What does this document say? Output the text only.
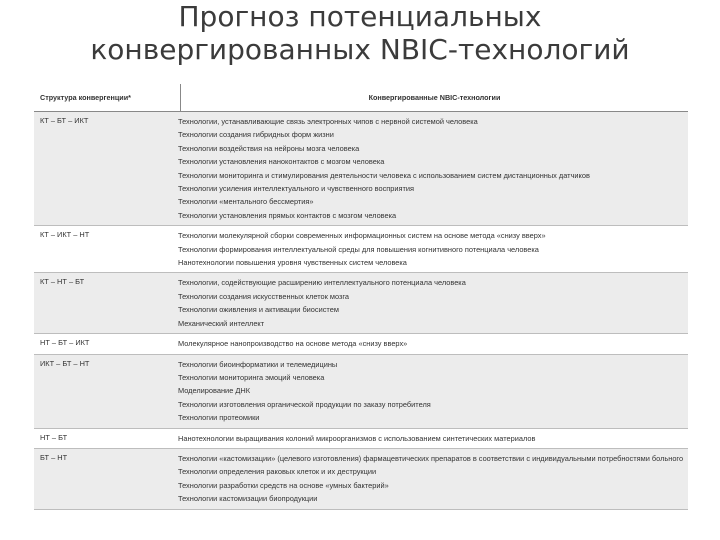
Прогноз потенциальных
конвергированных NBIC-технологий
Структура конвергенции*	Конвергированные NBIC-технологии
КТ – БТ – ИКТ	Технологии, устанавливающие связь электронных чипов с нервной системой человека
Технологии создания гибридных форм жизни
Технологии воздействия на нейроны мозга человека
Технологии установления наноконтактов с мозгом человека
Технологии мониторинга и стимулирования деятельности человека с использованием систем дистанционных датчиков
Технологии усиления интеллектуального и чувственного восприятия
Технологии «ментального бессмертия»
Технологии установления прямых контактов с мозгом человека
КТ – ИКТ – НТ	Технологии молекулярной сборки современных информационных систем на основе метода «снизу вверх»
Технологии формирования интеллектуальной среды для повышения когнитивного потенциала человека
Нанотехнологии повышения уровня чувственных систем человека
КТ – НТ – БТ	Технологии, содействующие расширению интеллектуального потенциала человека
Технологии создания искусственных клеток мозга
Технологии оживления и активации биосистем
Механический интеллект
НТ – БТ – ИКТ	Молекулярное нанопроизводство на основе метода «снизу вверх»
ИКТ – БТ – НТ	Технологии биоинформатики и телемедицины
Технологии мониторинга эмоций человека
Моделирование ДНК
Технологии изготовления органической продукции по заказу потребителя
Технологии протеомики
НТ – БТ	Нанотехнологии выращивания колоний микроорганизмов с использованием синтетических материалов
БТ – НТ	Технологии «кастомизации» (целевого изготовления) фармацевтических препаратов в соответствии с индивидуальными потребностями больного
Технологии определения раковых клеток и их деструкции
Технологии разработки средств на основе «умных бактерий»
Технологии кастомизации биопродукции
